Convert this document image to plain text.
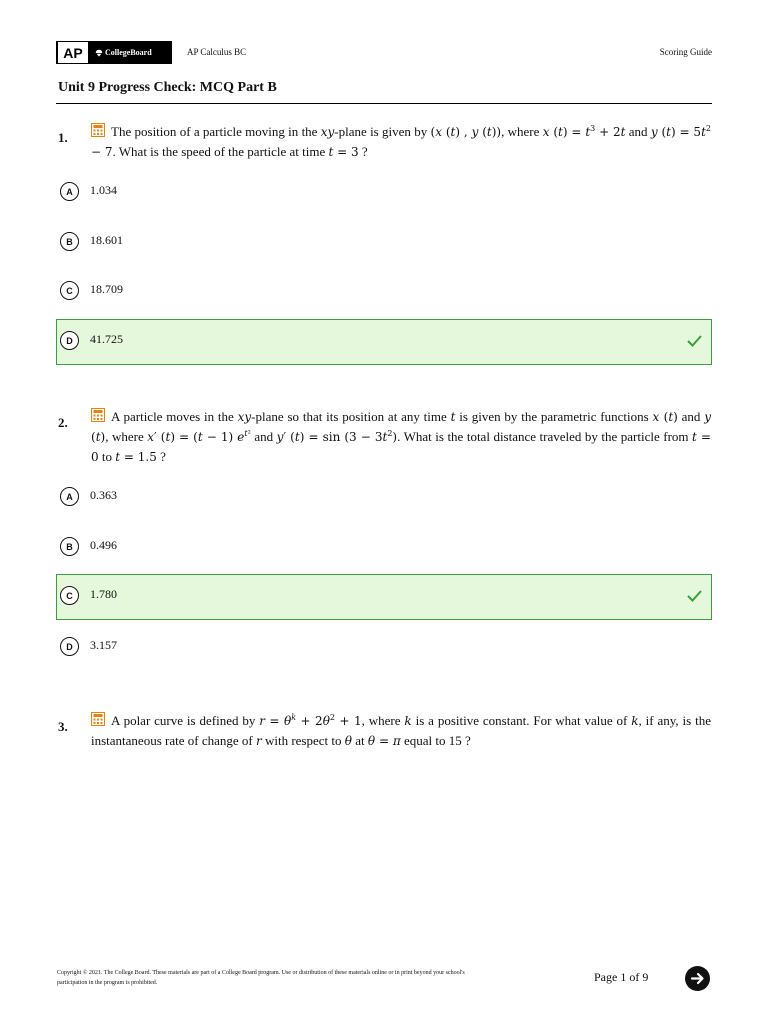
AP	CollegeBoard	AP Calculus BC	Scoring Guide
Unit 9 Progress Check: MCQ Part B
1.	The position of a particle moving in the xy-plane is given by (x (t) , y (t)), where x $(t) = t^3 + 2t$ and y $(t) = 5t^2 - 7$. What is the speed of the particle at time t = 3 ?
A	1.034
B	18.601
C	18.709
D	41.725
2.	A particle moves in the xy-plane so that its position at any time t is given by the parametric functions x (t) and y (t), where x′ (t) = (t − 1) $e^{t^2}$ and y′ $(t) = \sin (3 - 3t^2)$. What is the total distance traveled by the particle from t = 0 to t = 1.5 ?
A	0.363
B	0.496
C	1.780
D	3.157
3.	A polar curve is defined by $r = \theta^k + 2\theta^2 + 1$, where k is a positive constant. For what value of k, if any, is the instantaneous rate of change of r with respect to θ at θ = π equal to 15 ?
Copyright © 2021. The College Board. These materials are part of a College Board program. Use or distribution of these materials online or in print beyond your school's participation in the program is prohibited.	Page 1 of 9
